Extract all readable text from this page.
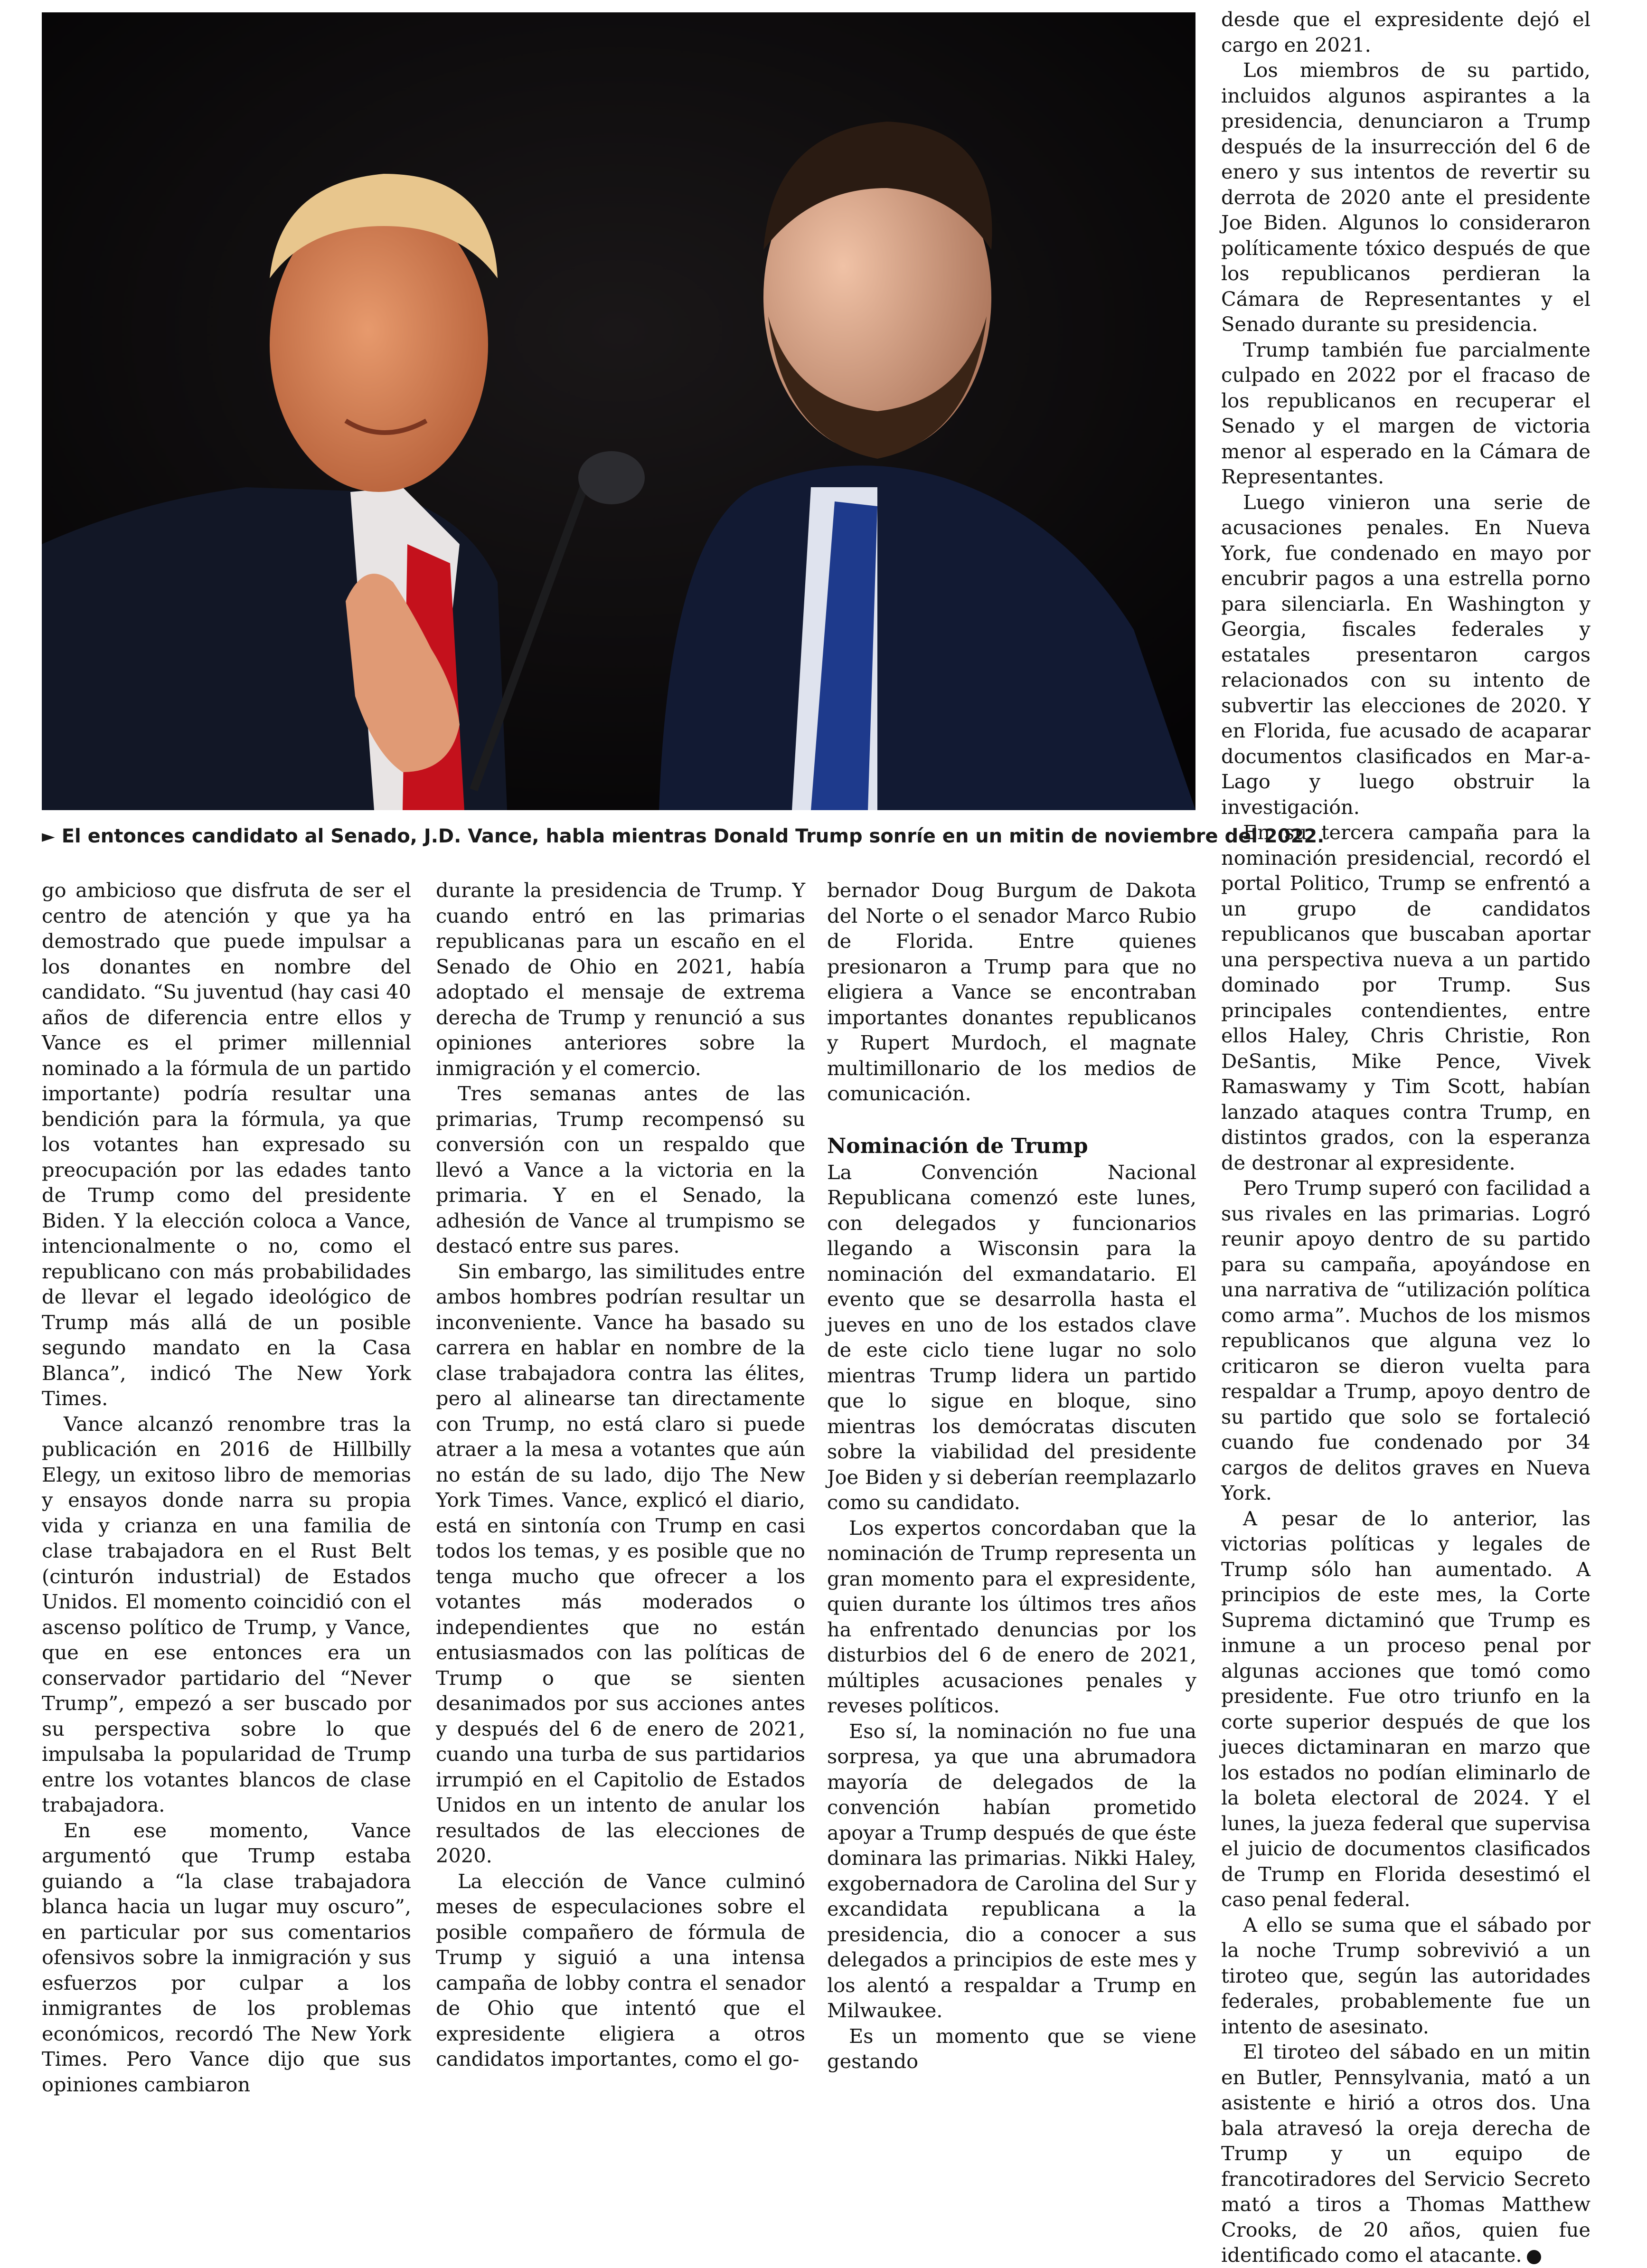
► El entonces candidato al Senado, J.D. Vance, habla mientras Donald Trump sonríe en un mitin de noviembre del 2022.

go ambicioso que disfruta de ser el centro de atención y que ya ha demostrado que puede impulsar a los donantes en nombre del candidato. “Su juventud (hay casi 40 años de diferencia entre ellos y Vance es el primer millennial nominado a la fórmula de un partido importante) podría resultar una bendición para la fórmula, ya que los votantes han expresado su preocupación por las edades tanto de Trump como del presidente Biden. Y la elección coloca a Vance, intencionalmente o no, como el republicano con más probabilidades de llevar el legado ideológico de Trump más allá de un posible segundo mandato en la Casa Blanca”, indicó The New York Times.

Vance alcanzó renombre tras la publicación en 2016 de Hillbilly Elegy, un exitoso libro de memorias y ensayos donde narra su propia vida y crianza en una familia de clase trabajadora en el Rust Belt (cinturón industrial) de Estados Unidos. El momento coincidió con el ascenso político de Trump, y Vance, que en ese entonces era un conservador partidario del “Never Trump”, empezó a ser buscado por su perspectiva sobre lo que impulsaba la popularidad de Trump entre los votantes blancos de clase trabajadora.

En ese momento, Vance argumentó que Trump estaba guiando a “la clase trabajadora blanca hacia un lugar muy oscuro”, en particular por sus comentarios ofensivos sobre la inmigración y sus esfuerzos por culpar a los inmigrantes de los problemas económicos, recordó The New York Times. Pero Vance dijo que sus opiniones cambiaron

durante la presidencia de Trump. Y cuando entró en las primarias republicanas para un escaño en el Senado de Ohio en 2021, había adoptado el mensaje de extrema derecha de Trump y renunció a sus opiniones anteriores sobre la inmigración y el comercio.

Tres semanas antes de las primarias, Trump recompensó su conversión con un respaldo que llevó a Vance a la victoria en la primaria. Y en el Senado, la adhesión de Vance al trumpismo se destacó entre sus pares.

Sin embargo, las similitudes entre ambos hombres podrían resultar un inconveniente. Vance ha basado su carrera en hablar en nombre de la clase trabajadora contra las élites, pero al alinearse tan directamente con Trump, no está claro si puede atraer a la mesa a votantes que aún no están de su lado, dijo The New York Times. Vance, explicó el diario, está en sintonía con Trump en casi todos los temas, y es posible que no tenga mucho que ofrecer a los votantes más moderados o independientes que no están entusiasmados con las políticas de Trump o que se sienten desanimados por sus acciones antes y después del 6 de enero de 2021, cuando una turba de sus partidarios irrumpió en el Capitolio de Estados Unidos en un intento de anular los resultados de las elecciones de 2020.

La elección de Vance culminó meses de especulaciones sobre el posible compañero de fórmula de Trump y siguió a una intensa campaña de lobby contra el senador de Ohio que intentó que el expresidente eligiera a otros candidatos importantes, como el go-

bernador Doug Burgum de Dakota del Norte o el senador Marco Rubio de Florida. Entre quienes presionaron a Trump para que no eligiera a Vance se encontraban importantes donantes republicanos y Rupert Murdoch, el magnate multimillonario de los medios de comunicación.

Nominación de Trump

La Convención Nacional Republicana comenzó este lunes, con delegados y funcionarios llegando a Wisconsin para la nominación del exmandatario. El evento que se desarrolla hasta el jueves en uno de los estados clave de este ciclo tiene lugar no solo mientras Trump lidera un partido que lo sigue en bloque, sino mientras los demócratas discuten sobre la viabilidad del presidente Joe Biden y si deberían reemplazarlo como su candidato.

Los expertos concordaban que la nominación de Trump representa un gran momento para el expresidente, quien durante los últimos tres años ha enfrentado denuncias por los disturbios del 6 de enero de 2021, múltiples acusaciones penales y reveses políticos.

Eso sí, la nominación no fue una sorpresa, ya que una abrumadora mayoría de delegados de la convención habían prometido apoyar a Trump después de que éste dominara las primarias. Nikki Haley, exgobernadora de Carolina del Sur y excandidata republicana a la presidencia, dio a conocer a sus delegados a principios de este mes y los alentó a respaldar a Trump en Milwaukee.

Es un momento que se viene gestando

desde que el expresidente dejó el cargo en 2021.

Los miembros de su partido, incluidos algunos aspirantes a la presidencia, denunciaron a Trump después de la insurrección del 6 de enero y sus intentos de revertir su derrota de 2020 ante el presidente Joe Biden. Algunos lo consideraron políticamente tóxico después de que los republicanos perdieran la Cámara de Representantes y el Senado durante su presidencia.

Trump también fue parcialmente culpado en 2022 por el fracaso de los republicanos en recuperar el Senado y el margen de victoria menor al esperado en la Cámara de Representantes.

Luego vinieron una serie de acusaciones penales. En Nueva York, fue condenado en mayo por encubrir pagos a una estrella porno para silenciarla. En Washington y Georgia, fiscales federales y estatales presentaron cargos relacionados con su intento de subvertir las elecciones de 2020. Y en Florida, fue acusado de acaparar documentos clasificados en Mar-a-Lago y luego obstruir la investigación.

En su tercera campaña para la nominación presidencial, recordó el portal Politico, Trump se enfrentó a un grupo de candidatos republicanos que buscaban aportar una perspectiva nueva a un partido dominado por Trump. Sus principales contendientes, entre ellos Haley, Chris Christie, Ron DeSantis, Mike Pence, Vivek Ramaswamy y Tim Scott, habían lanzado ataques contra Trump, en distintos grados, con la esperanza de destronar al expresidente.

Pero Trump superó con facilidad a sus rivales en las primarias. Logró reunir apoyo dentro de su partido para su campaña, apoyándose en una narrativa de “utilización política como arma”. Muchos de los mismos republicanos que alguna vez lo criticaron se dieron vuelta para respaldar a Trump, apoyo dentro de su partido que solo se fortaleció cuando fue condenado por 34 cargos de delitos graves en Nueva York.

A pesar de lo anterior, las victorias políticas y legales de Trump sólo han aumentado. A principios de este mes, la Corte Suprema dictaminó que Trump es inmune a un proceso penal por algunas acciones que tomó como presidente. Fue otro triunfo en la corte superior después de que los jueces dictaminaran en marzo que los estados no podían eliminarlo de la boleta electoral de 2024. Y el lunes, la jueza federal que supervisa el juicio de documentos clasificados de Trump en Florida desestimó el caso penal federal.

A ello se suma que el sábado por la noche Trump sobrevivió a un tiroteo que, según las autoridades federales, probablemente fue un intento de asesinato.

El tiroteo del sábado en un mitin en Butler, Pennsylvania, mató a un asistente e hirió a otros dos. Una bala atravesó la oreja derecha de Trump y un equipo de francotiradores del Servicio Secreto mató a tiros a Thomas Matthew Crooks, de 20 años, quien fue identificado como el atacante.
